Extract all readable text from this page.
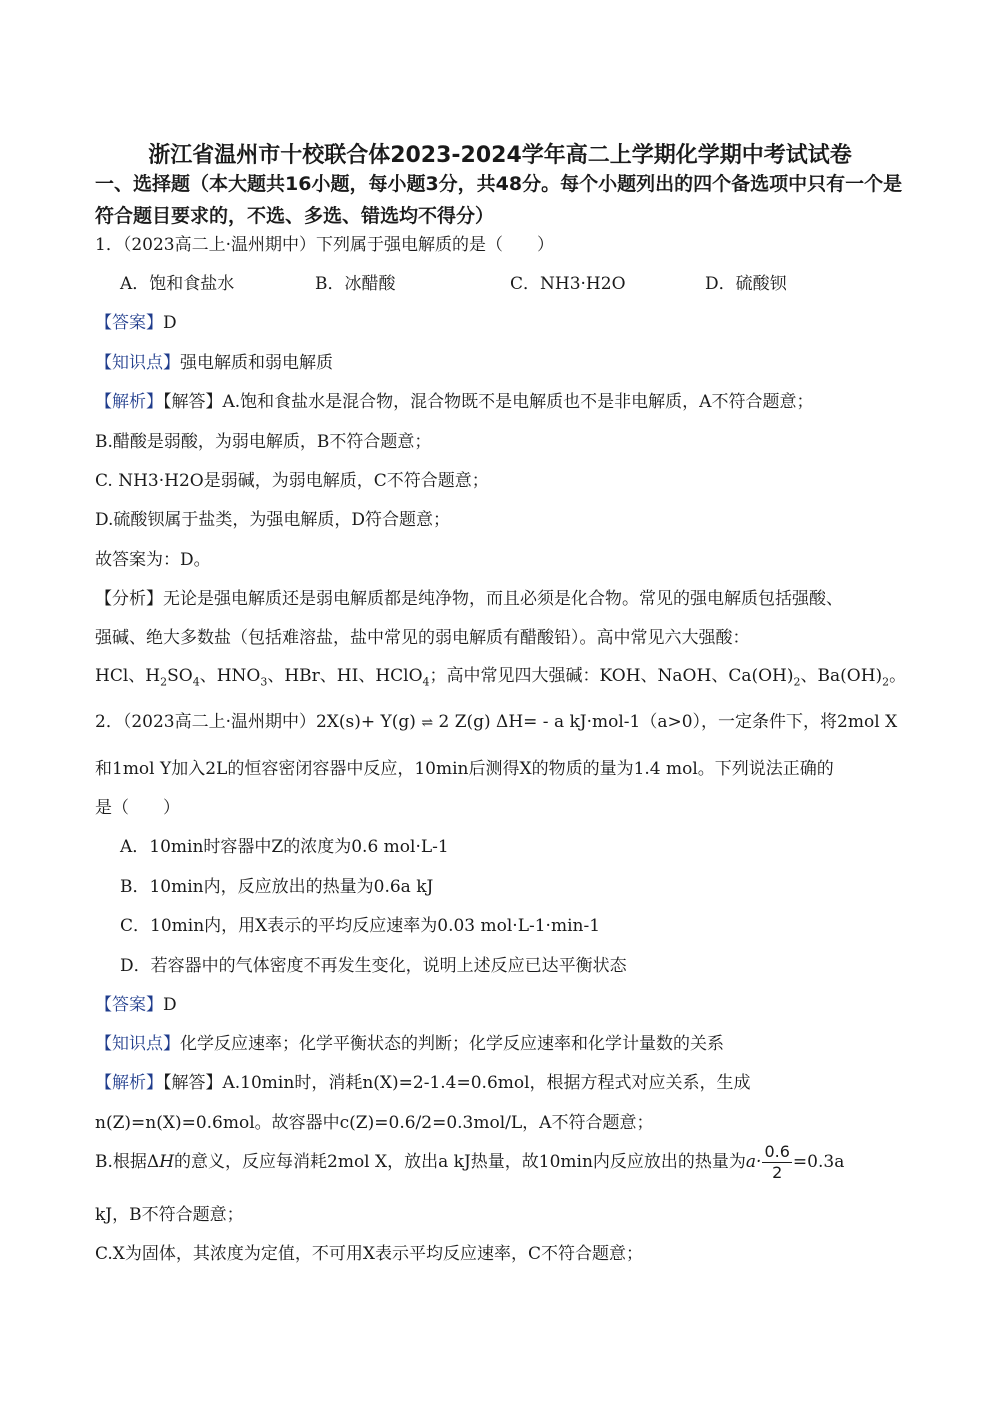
浙江省温州市十校联合体2023-2024学年高二上学期化学期中考试试卷
一、选择题（本大题共16小题，每小题3分，共48分。每个小题列出的四个备选项中只有一个是符合题目要求的，不选、多选、错选均不得分）
1．（2023高二上·温州期中）下列属于强电解质的是（　　）
A．饱和食盐水	B．冰醋酸	C．NH3·H2O	D．硫酸钡
【答案】D
【知识点】强电解质和弱电解质
【解析】【解答】A.饱和食盐水是混合物，混合物既不是电解质也不是非电解质，A不符合题意；
B.醋酸是弱酸，为弱电解质，B不符合题意；
C. NH3·H2O是弱碱，为弱电解质，C不符合题意；
D.硫酸钡属于盐类，为强电解质，D符合题意；
故答案为：D。
【分析】无论是强电解质还是弱电解质都是纯净物，而且必须是化合物。常见的强电解质包括强酸、
强碱、绝大多数盐（包括难溶盐，盐中常见的弱电解质有醋酸铅）。高中常见六大强酸：
HCl、$H_2SO_4$、$HNO_3$、HBr、HI、HClO$_4$；高中常见四大强碱：KOH、NaOH、$Ca(OH)_2$、$Ba(OH)_2$。
2．（2023高二上·温州期中）2X(s)+ Y(g) ⇌ 2 Z(g) ΔH= - a kJ·mol-1（a>0），一定条件下，将2mol X
和1mol Y加入2L的恒容密闭容器中反应，10min后测得X的物质的量为1.4 mol。下列说法正确的
是（　　）
A．10min时容器中Z的浓度为0.6 mol·L-1
B．10min内，反应放出的热量为0.6a kJ
C．10min内，用X表示的平均反应速率为0.03 mol·L-1·min-1
D．若容器中的气体密度不再发生变化，说明上述反应已达平衡状态
【答案】D
【知识点】化学反应速率；化学平衡状态的判断；化学反应速率和化学计量数的关系
【解析】【解答】A.10min时，消耗n(X)=2-1.4=0.6mol，根据方程式对应关系，生成
n(Z)=n(X)=0.6mol。故容器中c(Z)=0.6/2=0.3mol/L，A不符合题意；
B.根据ΔH的意义，反应每消耗2mol X，放出a kJ热量，故10min内反应放出的热量为$a\cdot \frac{0.6}{2} =0.3a$
kJ，B不符合题意；
C.X为固体，其浓度为定值，不可用X表示平均反应速率，C不符合题意；
